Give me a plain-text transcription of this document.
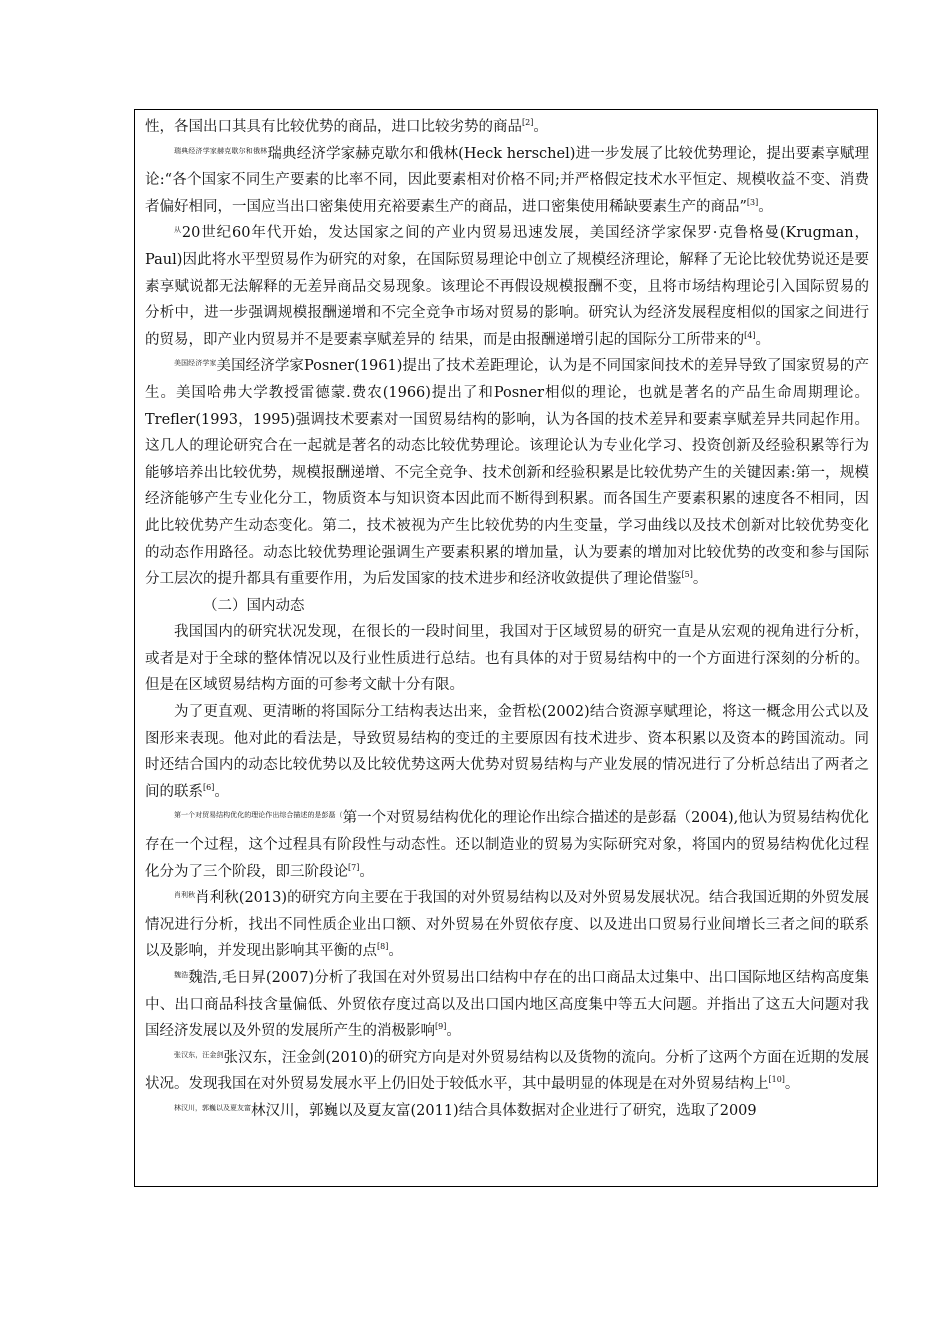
性，各国出口其具有比较优势的商品，进口比较劣势的商品[2]。

$^{瑞典经济学家赫克歇尔和俄林}$瑞典经济学家赫克歇尔和俄林(Heck herschel)进一步发展了比较优势理论，提出要素享赋理论:“各个国家不同生产要素的比率不同，因此要素相对价格不同;并严格假定技术水平恒定、规模收益不变、消费者偏好相同，一国应当出口密集使用充裕要素生产的商品，进口密集使用稀缺要素生产的商品”[3]。

$^从$20世纪60年代开始，发达国家之间的产业内贸易迅速发展，美国经济学家保罗·克鲁格曼(Krugman，Paul)因此将水平型贸易作为研究的对象，在国际贸易理论中创立了规模经济理论，解释了无论比较优势说还是要素享赋说都无法解释的无差异商品交易现象。该理论不再假设规模报酬不变，且将市场结构理论引入国际贸易的分析中，进一步强调规模报酬递增和不完全竞争市场对贸易的影响。研究认为经济发展程度相似的国家之间进行的贸易，即产业内贸易并不是要素享赋差异的 结果，而是由报酬递增引起的国际分工所带来的[4]。

$^{美国经济学家}$美国经济学家Posner(1961)提出了技术差距理论，认为是不同国家间技术的差异导致了国家贸易的产生。美国哈弗大学教授雷德蒙.费农(1966)提出了和Posner相似的理论，也就是著名的产品生命周期理论。Trefler(1993，1995)强调技术要素对一国贸易结构的影响，认为各国的技术差异和要素享赋差异共同起作用。这几人的理论研究合在一起就是著名的动态比较优势理论。该理论认为专业化学习、投资创新及经验积累等行为能够培养出比较优势，规模报酬递增、不完全竞争、技术创新和经验积累是比较优势产生的关键因素:第一，规模经济能够产生专业化分工，物质资本与知识资本因此而不断得到积累。而各国生产要素积累的速度各不相同，因此比较优势产生动态变化。第二，技术被视为产生比较优势的内生变量，学习曲线以及技术创新对比较优势变化的动态作用路径。动态比较优势理论强调生产要素积累的增加量，认为要素的增加对比较优势的改变和参与国际分工层次的提升都具有重要作用，为后发国家的技术进步和经济收敛提供了理论借鉴[5]。

（二）国内动态

我国国内的研究状况发现，在很长的一段时间里，我国对于区域贸易的研究一直是从宏观的视角进行分析，或者是对于全球的整体情况以及行业性质进行总结。也有具体的对于贸易结构中的一个方面进行深刻的分析的。但是在区域贸易结构方面的可参考文献十分有限。

为了更直观、更清晰的将国际分工结构表达出来，金哲松(2002)结合资源享赋理论，将这一概念用公式以及图形来表现。他对此的看法是，导致贸易结构的变迁的主要原因有技术进步、资本积累以及资本的跨国流动。同时还结合国内的动态比较优势以及比较优势这两大优势对贸易结构与产业发展的情况进行了分析总结出了两者之间的联系[6]。

$^{第一个对贸易结构优化的理论作出综合描述的是彭磊(}$第一个对贸易结构优化的理论作出综合描述的是彭磊（2004),他认为贸易结构优化存在一个过程，这个过程具有阶段性与动态性。还以制造业的贸易为实际研究对象，将国内的贸易结构优化过程化分为了三个阶段，即三阶段论[7]。

$^{肖利秋}$肖利秋(2013)的研究方向主要在于我国的对外贸易结构以及对外贸易发展状况。结合我国近期的外贸发展情况进行分析，找出不同性质企业出口额、对外贸易在外贸依存度、以及进出口贸易行业间增长三者之间的联系以及影响，并发现出影响其平衡的点[8]。

$^{魏浩}$魏浩,毛日昇(2007)分析了我国在对外贸易出口结构中存在的出口商品太过集中、出口国际地区结构高度集中、出口商品科技含量偏低、外贸依存度过高以及出口国内地区高度集中等五大问题。并指出了这五大问题对我国经济发展以及外贸的发展所产生的消极影响[9]。

$^{张汉东,汪金剑}$张汉东，汪金剑(2010)的研究方向是对外贸易结构以及货物的流向。分析了这两个方面在近期的发展状况。发现我国在对外贸易发展水平上仍旧处于较低水平，其中最明显的体现是在对外贸易结构上[10]。

$^{林汉川,郭巍以及夏友富}$林汉川，郭巍以及夏友富(2011)结合具体数据对企业进行了研究，选取了2009
